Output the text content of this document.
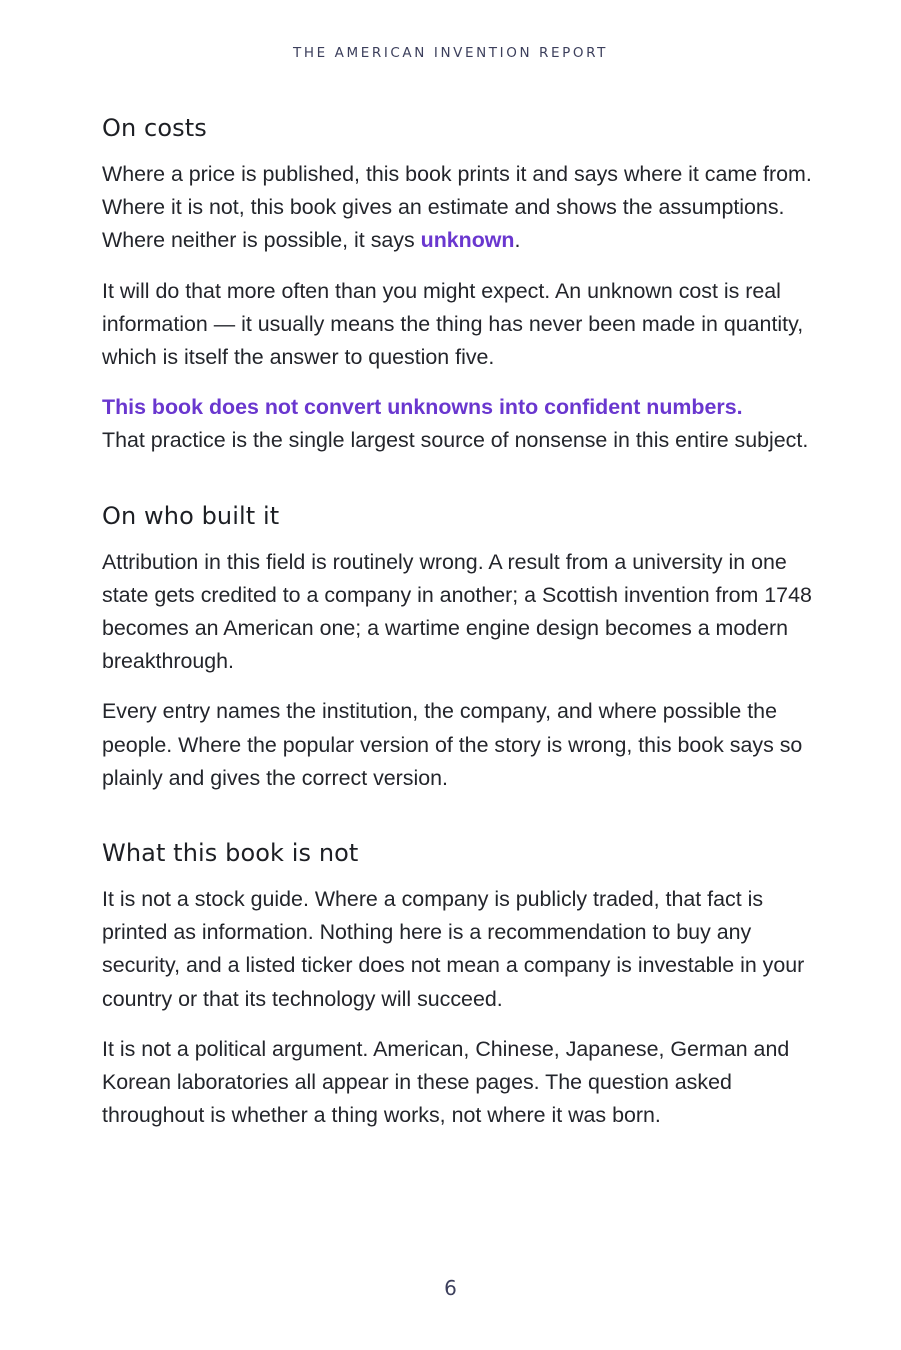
THE AMERICAN INVENTION REPORT
On costs

Where a price is published, this book prints it and says where it came from. Where it is not, this book gives an estimate and shows the assumptions. Where neither is possible, it says unknown.

It will do that more often than you might expect. An unknown cost is real information — it usually means the thing has never been made in quantity, which is itself the answer to question five.

This book does not convert unknowns into confident numbers.
That practice is the single largest source of nonsense in this entire subject.

On who built it

Attribution in this field is routinely wrong. A result from a university in one state gets credited to a company in another; a Scottish invention from 1748 becomes an American one; a wartime engine design becomes a modern breakthrough.

Every entry names the institution, the company, and where possible the people. Where the popular version of the story is wrong, this book says so plainly and gives the correct version.

What this book is not

It is not a stock guide. Where a company is publicly traded, that fact is printed as information. Nothing here is a recommendation to buy any security, and a listed ticker does not mean a company is investable in your country or that its technology will succeed.

It is not a political argument. American, Chinese, Japanese, German and Korean laboratories all appear in these pages. The question asked throughout is whether a thing works, not where it was born.

6
